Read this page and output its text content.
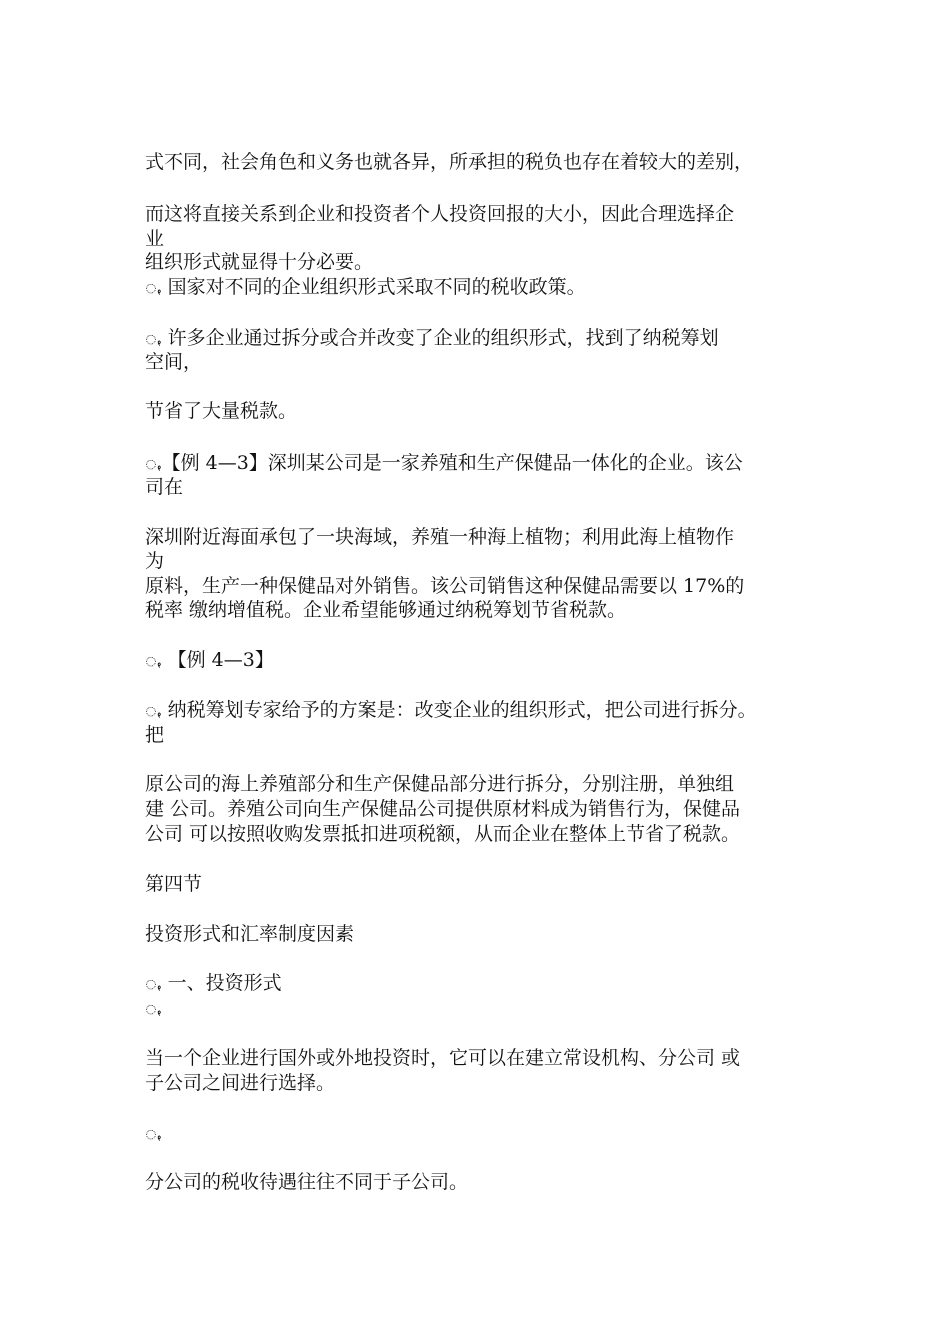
式不同，社会角色和义务也就各异，所承担的税负也存在着较大的差别，
而这将直接关系到企业和投资者个人投资回报的大小，因此合理选择企
业
组织形式就显得十分必要。
ꩻ 国家对不同的企业组织形式采取不同的税收政策。
ꩻ 许多企业通过拆分或合并改变了企业的组织形式，找到了纳税筹划
空间，
节省了大量税款。
ꩻ【例 4—3】深圳某公司是一家养殖和生产保健品一体化的企业。该公
司在
深圳附近海面承包了一块海域，养殖一种海上植物；利用此海上植物作
为
原料，生产一种保健品对外销售。该公司销售这种保健品需要以 17%的
税率 缴纳增值税。企业希望能够通过纳税筹划节省税款。
ꩻ 【例 4—3】
ꩻ 纳税筹划专家给予的方案是：改变企业的组织形式，把公司进行拆分。
把
原公司的海上养殖部分和生产保健品部分进行拆分，分别注册，单独组
建 公司。养殖公司向生产保健品公司提供原材料成为销售行为，保健品
公司 可以按照收购发票抵扣进项税额，从而企业在整体上节省了税款。
第四节
投资形式和汇率制度因素
ꩻ 一、投资形式
ꩻ
当一个企业进行国外或外地投资时，它可以在建立常设机构、分公司 或
子公司之间进行选择。
ꩻ
分公司的税收待遇往往不同于子公司。
